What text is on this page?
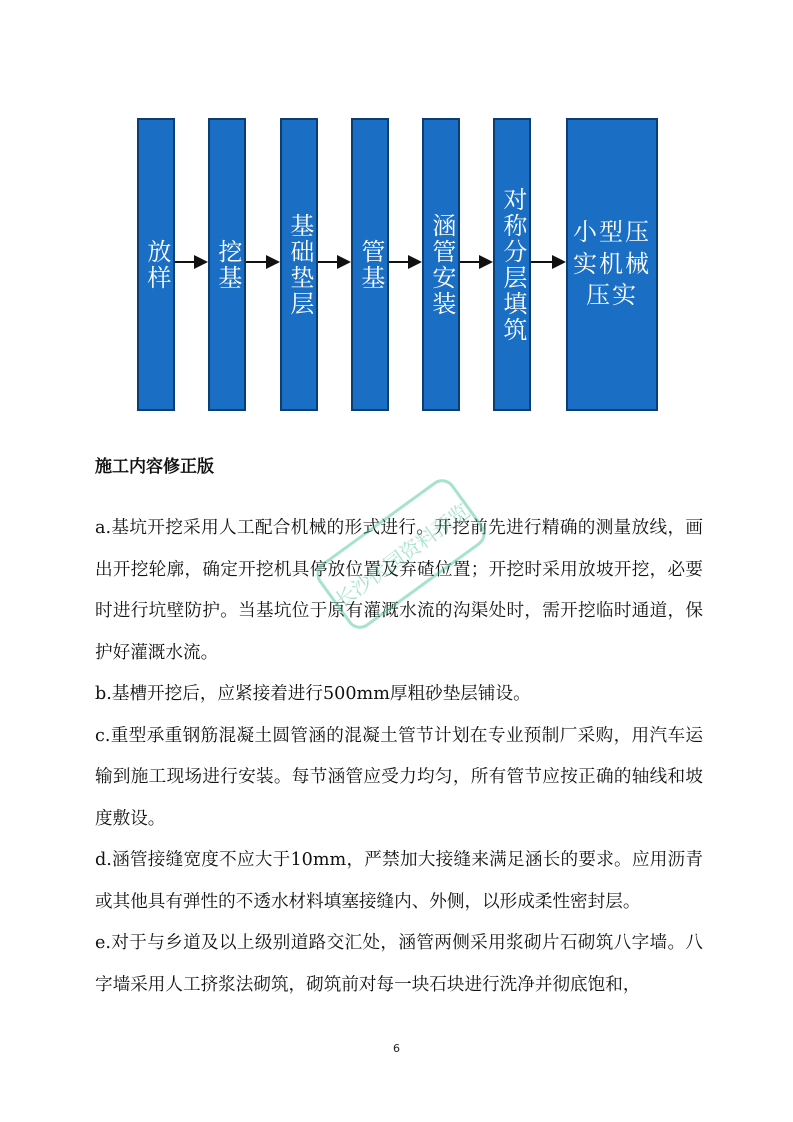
放样 挖基 基础垫层 管基 涵管安装 对称分层填筑 小型压实机械压实
施工内容修正版

a.基坑开挖采用人工配合机械的形式进行。开挖前先进行精确的测量放线，画出开挖轮廓，确定开挖机具停放位置及弃碴位置；开挖时采用放坡开挖，必要时进行坑壁防护。当基坑位于原有灌溉水流的沟渠处时，需开挖临时通道，保护好灌溉水流。

b.基槽开挖后，应紧接着进行500mm厚粗砂垫层铺设。

c.重型承重钢筋混凝土圆管涵的混凝土管节计划在专业预制厂采购，用汽车运输到施工现场进行安装。每节涵管应受力均匀，所有管节应按正确的轴线和坡度敷设。

d.涵管接缝宽度不应大于10mm，严禁加大接缝来满足涵长的要求。应用沥青或其他具有弹性的不透水材料填塞接缝内、外侧，以形成柔性密封层。

e.对于与乡道及以上级别道路交汇处，涵管两侧采用浆砌片石砌筑八字墙。八字墙采用人工挤浆法砌筑，砌筑前对每一块石块进行洗净并彻底饱和，

长沙伏园资料预览
6
